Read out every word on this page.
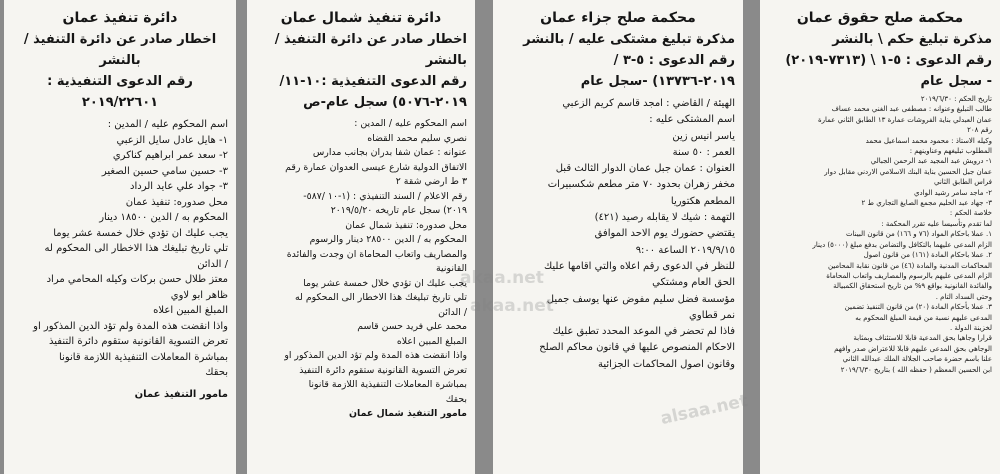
دائرة تنفيذ عمان
اخطار صادر عن دائرة التنفيذ / بالنشر
رقم الدعوى التنفيذية :
٢٠١٩/٢٢٦٠١

اسم المحكوم عليه / المدين :

١- هايل عادل سايل الزعبي

٢- سعد عمر ابراهيم كناكري

٣- حسين سامي حسين الصغير

٣- جواد علي عايد الرداد

محل صدوره: تنفيذ عمان

المحكوم به / الدين ١٨٥٠٠ دينار

يجب عليك ان تؤدي خلال خمسة عشر يوما

تلي تاريخ تبليغك هذا الاخطار الى المحكوم له

/ الدائن

معتز طلال حسن بركات وكيله المحامي مراد

ظاهر ابو لاوي

المبلغ المبين اعلاه

واذا انقضت هذه المدة ولم تؤد الدين المذكور او

تعرض التسوية القانونية ستقوم دائرة التنفيذ

بمباشرة المعاملات التنفيذية اللازمة قانونا

بحقك

مامور التنفيذ عمان

دائرة تنفيذ شمال عمان
اخطار صادر عن دائرة التنفيذ / بالنشر
رقم الدعوى التنفيذية :١٠-١١/
٢٠١٩-٥٠٧٦) سجل عام-ص

اسم المحكوم عليه / المدين :

نصري سليم محمد القضاه

عنوانه : عمان شفا بدران بجانب مدارس

الاتفاق الدولية شارع عيسى العدوان عمارة رقم

٣ ط ارضي شقة ٢

رقم الاعلام / السند التنفيذي : (١-١٠ /٥٨٧-

٢٠١٩) سجل عام تاريخه ٢٠١٩/٥/٢٠

محل صدوره: تنفيذ شمال عمان

المحكوم به / الدين ٢٨٥٠٠ دينار والرسوم

والمصاريف واتعاب المحاماة ان وجدت والفائدة

القانونية

يجب عليك ان تؤدي خلال خمسة عشر يوما

تلي تاريخ تبليغك هذا الاخطار الى المحكوم له

/ الدائن

محمد علي فريد حسن قاسم

المبلغ المبين اعلاه

واذا انقضت هذه المدة ولم تؤد الدين المذكور او

تعرض التسوية القانونية ستقوم دائرة التنفيذ

بمباشرة المعاملات التنفيذية اللازمة قانونا

بحقك

مامور التنفيذ شمال عمان

محكمة صلح جزاء عمان
مذكرة تبليغ مشتكى عليه / بالنشر
رقم الدعوى : ٥-٣ /
٢٠١٩-١٣٧٣٦) -سجل عام

الهيئة / القاضي : امجد قاسم كريم الزعبي

اسم المشتكى عليه :

ياسر انيس زين

العمر : ٥٠ سنة

العنوان : عمان جبل عمان الدوار الثالث قبل

مخفر زهران بحدود ٧٠ متر مطعم شكسبيرات

المطعم هكتوريا

التهمة : شيك لا يقابله رصيد (٤٢١)

يقتضي حضورك يوم الاحد الموافق

٢٠١٩/٩/١٥ الساعة ٩:٠٠

للنظر في الدعوى رقم اعلاه والتي اقامها عليك

الحق العام ومشتكي

مؤسسة فضل سليم مفوض عنها يوسف جميل

نمر قطاوي

فاذا لم تحضر في الموعد المحدد تطبق عليك

الاحكام المنصوص عليها في قانون محاكم الصلح

وقانون اصول المحاكمات الجزائية

محكمة صلح حقوق عمان
مذكرة تبليغ حكم \ بالنشر
رقم الدعوى : ٥-١ \ (٧٣١٣-٢٠١٩)
- سجل عام

تاريخ الحكم : ٢٠١٩/٦/٣٠

طالب التبليغ وعنوانه : مصطفى عبد الغني محمد عساف

عمان العبدلي بناية الفروشات عمارة ١٣ الطابق الثاني عمارة

رقم ٢٠٨

وكيله الاستاذ : محمود محمد اسماعيل محمد

المطلوب تبليغهم وعناوينهم :

١- درويش عبد المجيد عبد الرحمن الجبالي

عمان جبل الحسين بناية البنك الاسلامي الاردني مقابل دوار

فراس الطابق الثاني

٢- ماجد سامر رشيد الوادي

٣- جهاد عبد الحليم مجمع الصايغ التجاري ط ٢

خلاصة الحكم :

لما تقدم وتأسيسا عليه تقرر المحكمة :

١. عملا باحكام المواد (٧٦ و ١٦٦) من قانون البينات

الزام المدعى عليهما بالتكافل والتضامن بدفع مبلغ (٥٠٠٠) دينار

٢. عملا باحكام المادة (١٦١) من قانون اصول

المحاكمات المدنية والمادة (٤٦) من قانون نقابة المحامين

الزام المدعى عليهم بالرسوم والمصاريف واتعاب المحاماة

والفائدة القانونية بواقع ٩% من تاريخ استحقاق الكمبيالة

وحتى السداد التام .

٣. عملا بأحكام المادة (٢٠) من قانون التنفيذ تضمين

المدعى عليهم نسبة من قيمة المبلغ المحكوم به

لخزينة الدولة .

قرارا وجاهيا بحق المدعية قابلا للاستئناف وبمثابة

الوجاهي بحق المدعى عليهم قابلا للاعتراض صدر وافهم

علنا باسم حضرة صاحب الجلالة الملك عبدالله الثاني

ابن الحسين المعظم ( حفظه الله ) بتاريخ ٢٠١٩/٦/٣٠

akaa.net
akaa.net
alsaa.net
